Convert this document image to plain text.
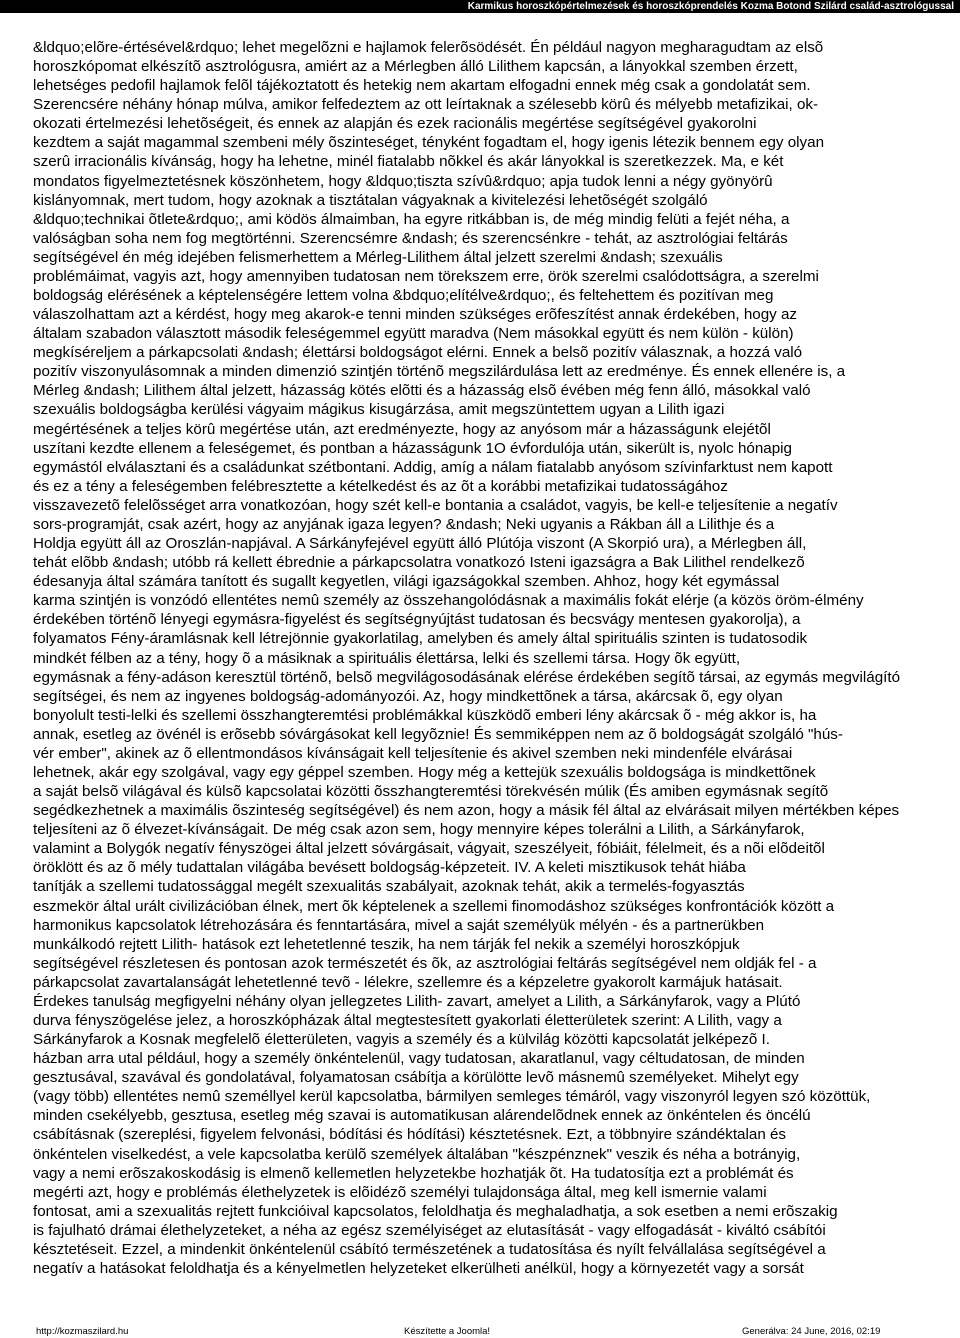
Karmikus horoszkópértelmezések és horoszkóprendelés Kozma Botond Szilárd család-asztrológussal
&ldquo;elõre-értésével&rdquo; lehet megelõzni e hajlamok felerõsödését. Én például nagyon megharagudtam az elsõ
horoszkópomat elkészítõ asztrológusra, amiért az a Mérlegben álló Lilithem kapcsán, a lányokkal szemben érzett,
lehetséges pedofil hajlamok felõl tájékoztatott és hetekig nem akartam elfogadni ennek még csak a gondolatát sem.
Szerencsére néhány hónap múlva, amikor felfedeztem az ott leírtaknak a szélesebb körû és mélyebb metafizikai, ok-
okozati értelmezési lehetõségeit, és ennek az alapján és ezek racionális megértése segítségével gyakorolni
kezdtem a saját magammal szembeni mély õszinteséget, tényként fogadtam el, hogy igenis létezik bennem egy olyan
szerû irracionális kívánság, hogy ha lehetne, minél fiatalabb nõkkel és akár lányokkal is szeretkezzek. Ma, e két
mondatos figyelmeztetésnek köszönhetem, hogy &ldquo;tiszta szívû&rdquo; apja tudok lenni a négy gyönyörû
kislányomnak, mert tudom, hogy azoknak a tisztátalan vágyaknak a kivitelezési lehetõségét szolgáló
&ldquo;technikai õtlete&rdquo;, ami ködös álmaimban, ha egyre ritkábban is, de még mindig felüti a fejét néha, a
valóságban soha nem fog megtörténni. Szerencsémre &ndash; és szerencsénkre - tehát, az asztrológiai feltárás
segítségével én még idejében felismerhettem a Mérleg-Lilithem által jelzett szerelmi &ndash; szexuális
problémáimat, vagyis azt, hogy amennyiben tudatosan nem törekszem erre, örök szerelmi csalódottságra, a szerelmi
boldogság elérésének a képtelenségére lettem volna &bdquo;elítélve&rdquo;, és feltehettem és pozitívan meg
válaszolhattam azt a kérdést, hogy meg akarok-e tenni minden szükséges erõfeszítést annak érdekében, hogy az
általam szabadon választott második feleségemmel együtt maradva (Nem másokkal együtt és nem külön - külön)
megkíséreljem a párkapcsolati &ndash; élettársi boldogságot elérni. Ennek a belsõ pozitív válasznak, a hozzá való
pozitív viszonyulásomnak a minden dimenzió szintjén történõ megszilárdulása lett az eredménye. És ennek ellenére is, a
Mérleg &ndash; Lilithem által jelzett, házasság kötés elõtti és a házasság elsõ évében még fenn álló, másokkal való
szexuális boldogságba kerülési vágyaim mágikus kisugárzása, amit megszüntettem ugyan a Lilith igazi
megértésének a teljes körû megértése után, azt eredményezte, hogy az anyósom már a házasságunk elejétõl
uszítani kezdte ellenem a feleségemet, és pontban a házasságunk 1O évfordulója után, sikerült is, nyolc hónapig
egymástól elválasztani és a családunkat szétbontani. Addig, amíg a nálam fiatalabb anyósom szívinfarktust nem kapott
és ez a tény a feleségemben felébresztette a kételkedést és az õt a korábbi metafizikai tudatosságához
visszavezetõ felelõsséget arra vonatkozóan, hogy szét kell-e bontania a családot, vagyis, be kell-e teljesítenie a negatív
sors-programját, csak azért, hogy az anyjának igaza legyen? &ndash; Neki ugyanis a Rákban áll a Lilithje és a
Holdja együtt áll az Oroszlán-napjával. A Sárkányfejével együtt álló Plútója viszont (A Skorpió ura), a Mérlegben áll,
tehát elõbb &ndash; utóbb rá kellett ébrednie a párkapcsolatra vonatkozó Isteni igazságra a Bak Lilithel rendelkezõ
édesanyja által számára tanított és sugallt kegyetlen, világi igazságokkal szemben. Ahhoz, hogy két egymással
karma szintjén is vonzódó ellentétes nemû személy az összehangolódásnak a maximális fokát elérje (a közös öröm-élmény
érdekében történõ lényegi egymásra-figyelést és segítségnyújtást tudatosan és becsvágy mentesen gyakorolja), a
folyamatos Fény-áramlásnak kell létrejönnie gyakorlatilag, amelyben és amely által spirituális szinten is tudatosodik
mindkét félben az a tény, hogy õ a másiknak a spirituális élettársa, lelki és szellemi társa. Hogy õk együtt,
egymásnak a fény-adáson keresztül történõ, belsõ megvilágosodásának elérése érdekében segítõ társai, az egymás megvilágító
segítségei, és nem az ingyenes boldogság-adományozói. Az, hogy mindkettõnek a társa, akárcsak õ, egy olyan
bonyolult testi-lelki és szellemi összhangteremtési problémákkal küszködõ emberi lény akárcsak õ - még akkor is, ha
annak, esetleg az övénél is erõsebb sóvárgásokat kell legyõznie! És semmiképpen nem az õ boldogságát szolgáló "hús-
vér ember", akinek az õ ellentmondásos kívánságait kell teljesítenie és akivel szemben neki mindenféle elvárásai
lehetnek, akár egy szolgával, vagy egy géppel szemben. Hogy még a kettejük szexuális boldogsága is mindkettõnek
a saját belsõ világával és külsõ kapcsolatai közötti õsszhangteremtési törekvésén múlik (És amiben egymásnak segítõ
segédkezhetnek a maximális õszinteség segítségével) és nem azon, hogy a másik fél által az elvárásait milyen mértékben képes
teljesíteni az õ élvezet-kívánságait. De még csak azon sem, hogy mennyire képes tolerálni a Lilith, a Sárkányfarok,
valamint a Bolygók negatív fényszögei által jelzett sóvárgásait, vágyait, szeszélyeit, fóbiáit, félelmeit, és a nõi elõdeitõl
öröklött és az õ mély tudattalan világába bevésett boldogság-képzeteit. IV. A keleti misztikusok tehát hiába
tanítják a szellemi tudatossággal megélt szexualitás szabályait, azoknak tehát, akik a termelés-fogyasztás
eszmekör által urált civilizációban élnek, mert õk képtelenek a szellemi finomodáshoz szükséges konfrontációk között a
harmonikus kapcsolatok létrehozására és fenntartására, mivel a saját személyük mélyén - és a partnerükben
munkálkodó rejtett Lilith- hatások ezt lehetetlenné teszik, ha nem tárják fel nekik a személyi horoszkópjuk
segítségével részletesen és pontosan azok természetét és õk, az asztrológiai feltárás segítségével nem oldják fel - a
párkapcsolat zavartalanságát lehetetlenné tevõ - lélekre, szellemre és a képzeletre gyakorolt karmájuk hatásait.
Érdekes tanulság megfigyelni néhány olyan jellegzetes Lilith- zavart, amelyet a Lilith, a Sárkányfarok, vagy a Plútó
durva fényszögelése jelez, a horoszkópházak által megtestesített gyakorlati életterületek szerint: A Lilith, vagy a
Sárkányfarok a Kosnak megfelelõ életterületen, vagyis a személy és a külvilág közötti kapcsolatát jelképezõ I.
házban arra utal például, hogy a személy önkéntelenül, vagy tudatosan, akaratlanul, vagy céltudatosan, de minden
gesztusával, szavával és gondolatával, folyamatosan csábítja a körülötte levõ másnemû személyeket. Mihelyt egy
(vagy több) ellentétes nemû személlyel kerül kapcsolatba, bármilyen semleges témáról, vagy viszonyról legyen szó közöttük,
minden csekélyebb, gesztusa, esetleg még szavai is automatikusan alárendelõdnek ennek az önkéntelen és öncélú
csábításnak (szereplési, figyelem felvonási, bódítási és hódítási) késztetésnek. Ezt, a többnyire szándéktalan és
önkéntelen viselkedést, a vele kapcsolatba kerülõ személyek általában "készpénznek" veszik és néha a botrányig,
vagy a nemi erõszakoskodásig is elmenõ kellemetlen helyzetekbe hozhatják õt. Ha tudatosítja ezt a problémát és
megérti azt, hogy e problémás élethelyzetek is elõidézõ személyi tulajdonsága által, meg kell ismernie valami
fontosat, ami a szexualitás rejtett funkcióival kapcsolatos, feloldhatja és meghaladhatja, a sok esetben a nemi erõszakig
is fajulható drámai élethelyzeteket, a néha az egész személyiséget az elutasítását - vagy elfogadását - kiváltó csábítói
késztetéseit. Ezzel, a mindenkit önkéntelenül csábító természetének a tudatosítása és nyílt felvállalása segítségével a
negatív a hatásokat feloldhatja és a kényelmetlen helyzeteket elkerülheti anélkül, hogy a környezetét vagy a sorsát
http://kozmaszilard.hu	Készítette a Joomla!	Generálva: 24 June, 2016, 02:19
